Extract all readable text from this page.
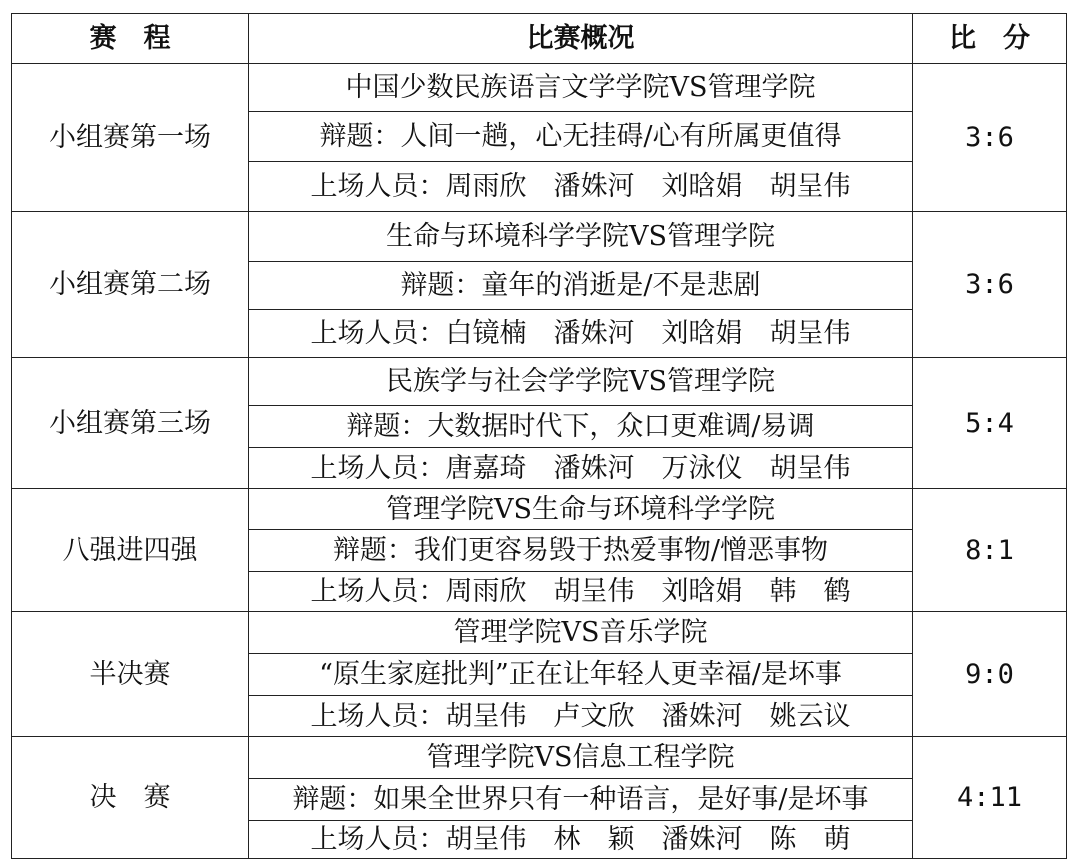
赛　程	比赛概况	比　分
小组赛第一场	中国少数民族语言文学学院VS管理学院	3:6
	辩题：人间一趟，心无挂碍/心有所属更值得	
	上场人员：周雨欣　潘姝河　刘晗娟　胡呈伟	
小组赛第二场	生命与环境科学学院VS管理学院	3:6
	辩题：童年的消逝是/不是悲剧	
	上场人员：白镜楠　潘姝河　刘晗娟　胡呈伟	
小组赛第三场	民族学与社会学学院VS管理学院	5:4
	辩题：大数据时代下，众口更难调/易调	
	上场人员：唐嘉琦　潘姝河　万泳仪　胡呈伟	
八强进四强	管理学院VS生命与环境科学学院	8:1
	辩题：我们更容易毁于热爱事物/憎恶事物	
	上场人员：周雨欣　胡呈伟　刘晗娟　韩　鹤	
半决赛	管理学院VS音乐学院	9:0
	“原生家庭批判”正在让年轻人更幸福/是坏事	
	上场人员：胡呈伟　卢文欣　潘姝河　姚云议	
决　赛	管理学院VS信息工程学院	4:11
	辩题：如果全世界只有一种语言，是好事/是坏事	
	上场人员：胡呈伟　林　颖　潘姝河　陈　萌	
